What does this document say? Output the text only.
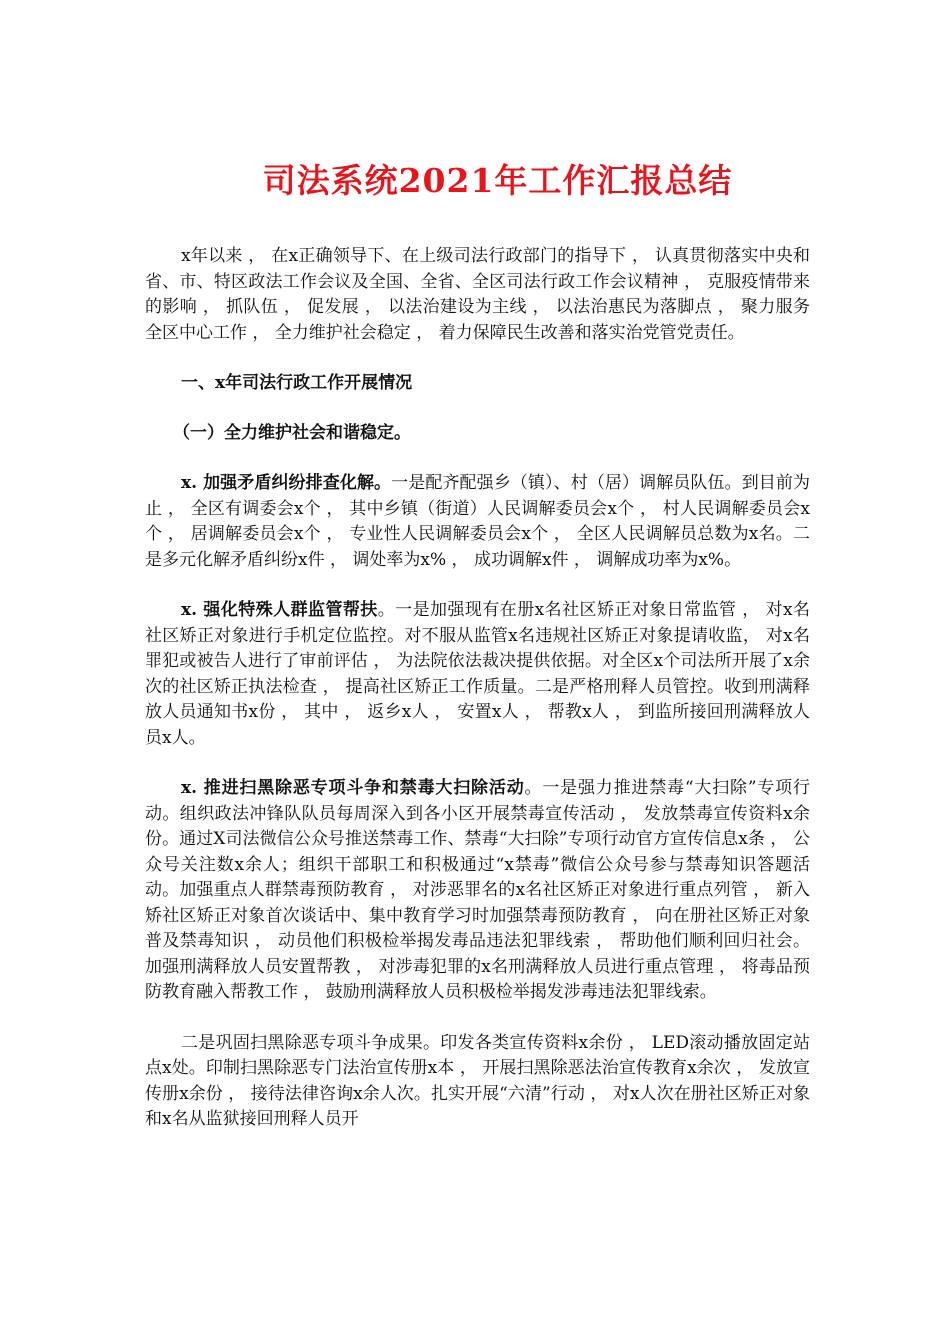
司法系统2021年工作汇报总结

x年以来 ， 在x正确领导下、在上级司法行政部门的指导下 ， 认真贯彻落实中央和省、市、特区政法工作会议及全国、全省、全区司法行政工作会议精神 ， 克服疫情带来的影响 ， 抓队伍 ， 促发展 ， 以法治建设为主线 ， 以法治惠民为落脚点 ， 聚力服务全区中心工作 ， 全力维护社会稳定 ， 着力保障民生改善和落实治党管党责任。

一、x年司法行政工作开展情况
（一）全力维护社会和谐稳定。

x. 加强矛盾纠纷排查化解。一是配齐配强乡（镇）、村（居）调解员队伍。到目前为止 ， 全区有调委会x个 ， 其中乡镇（街道）人民调解委员会x个 ， 村人民调解委员会x个 ， 居调解委员会x个 ， 专业性人民调解委员会x个 ， 全区人民调解员总数为x名。二是多元化解矛盾纠纷x件 ， 调处率为x% ， 成功调解x件 ， 调解成功率为x%。

x. 强化特殊人群监管帮扶。一是加强现有在册x名社区矫正对象日常监管 ， 对x名社区矫正对象进行手机定位监控。对不服从监管x名违规社区矫正对象提请收监， 对x名罪犯或被告人进行了审前评估 ， 为法院依法裁决提供依据。对全区x个司法所开展了x余次的社区矫正执法检查 ， 提高社区矫正工作质量。二是严格刑释人员管控。收到刑满释放人员通知书x份 ， 其中 ， 返乡x人 ， 安置x人 ， 帮教x人 ， 到监所接回刑满释放人员x人。

x. 推进扫黑除恶专项斗争和禁毒大扫除活动。一是强力推进禁毒“大扫除”专项行动。组织政法冲锋队队员每周深入到各小区开展禁毒宣传活动 ， 发放禁毒宣传资料x余份。通过X司法微信公众号推送禁毒工作、禁毒“大扫除”专项行动官方宣传信息x条 ， 公众号关注数x余人；组织干部职工和积极通过“x禁毒”微信公众号参与禁毒知识答题活动。加强重点人群禁毒预防教育 ， 对涉恶罪名的x名社区矫正对象进行重点列管 ， 新入矫社区矫正对象首次谈话中、集中教育学习时加强禁毒预防教育 ， 向在册社区矫正对象普及禁毒知识 ， 动员他们积极检举揭发毒品违法犯罪线索 ， 帮助他们顺利回归社会。加强刑满释放人员安置帮教 ， 对涉毒犯罪的x名刑满释放人员进行重点管理 ， 将毒品预防教育融入帮教工作 ， 鼓励刑满释放人员积极检举揭发涉毒违法犯罪线索。

二是巩固扫黑除恶专项斗争成果。印发各类宣传资料x余份 ， LED滚动播放固定站点x处。印制扫黑除恶专门法治宣传册x本 ， 开展扫黑除恶法治宣传教育x余次 ， 发放宣传册x余份 ， 接待法律咨询x余人次。扎实开展“六清”行动 ， 对x人次在册社区矫正对象和x名从监狱接回刑释人员开
